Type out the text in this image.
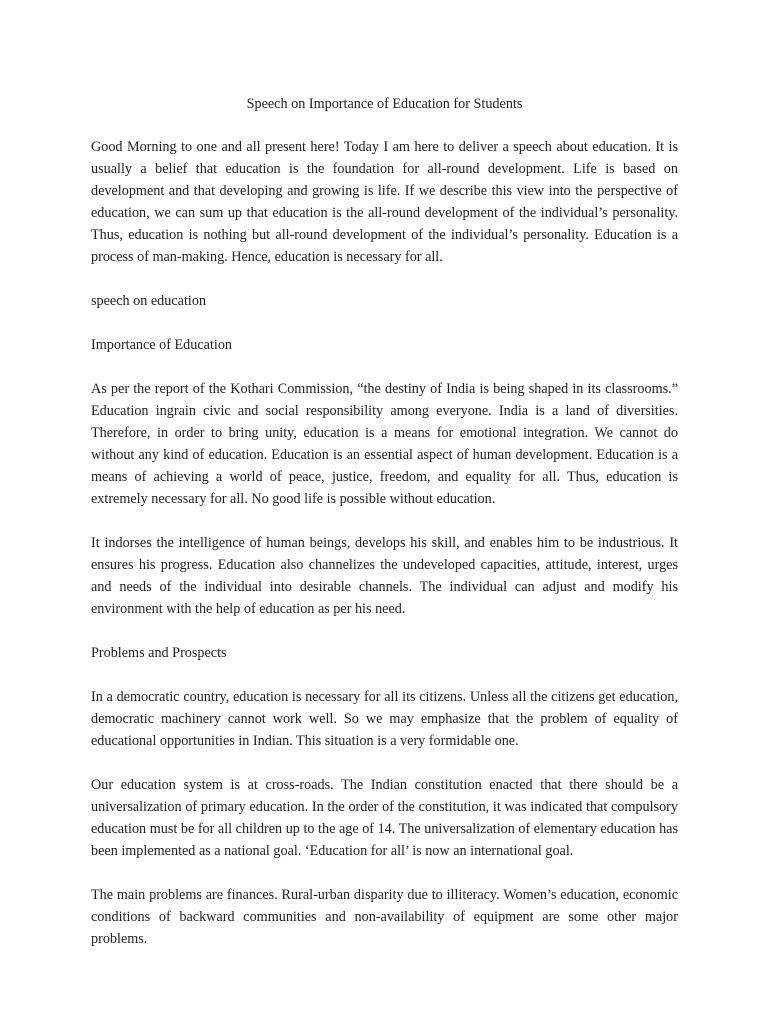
Speech on Importance of Education for Students
Good Morning to one and all present here! Today I am here to deliver a speech about education. It is usually a belief that education is the foundation for all-round development. Life is based on development and that developing and growing is life. If we describe this view into the perspective of education, we can sum up that education is the all-round development of the individual’s personality. Thus, education is nothing but all-round development of the individual’s personality. Education is a process of man-making. Hence, education is necessary for all.
speech on education
Importance of Education
As per the report of the Kothari Commission, “the destiny of India is being shaped in its classrooms.” Education ingrain civic and social responsibility among everyone. India is a land of diversities. Therefore, in order to bring unity, education is a means for emotional integration. We cannot do without any kind of education. Education is an essential aspect of human development. Education is a means of achieving a world of peace, justice, freedom, and equality for all. Thus, education is extremely necessary for all. No good life is possible without education.
It indorses the intelligence of human beings, develops his skill, and enables him to be industrious. It ensures his progress. Education also channelizes the undeveloped capacities, attitude, interest, urges and needs of the individual into desirable channels. The individual can adjust and modify his environment with the help of education as per his need.
Problems and Prospects
In a democratic country, education is necessary for all its citizens. Unless all the citizens get education, democratic machinery cannot work well. So we may emphasize that the problem of equality of educational opportunities in Indian. This situation is a very formidable one.
Our education system is at cross-roads. The Indian constitution enacted that there should be a universalization of primary education. In the order of the constitution, it was indicated that compulsory education must be for all children up to the age of 14. The universalization of elementary education has been implemented as a national goal. ‘Education for all’ is now an international goal.
The main problems are finances. Rural-urban disparity due to illiteracy. Women’s education, economic conditions of backward communities and non-availability of equipment are some other major problems.
